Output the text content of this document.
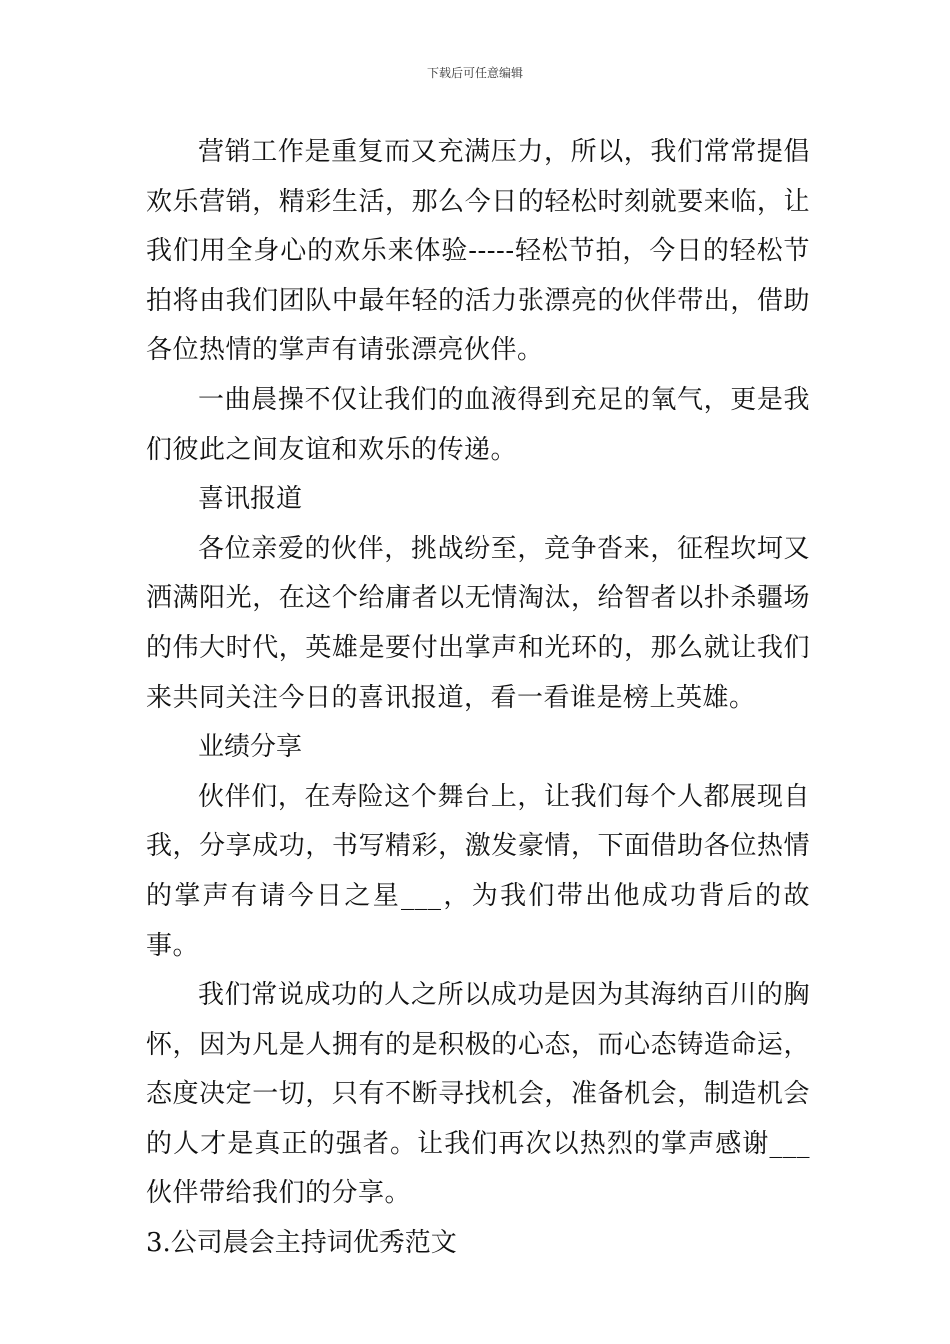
下载后可任意编辑

营销工作是重复而又充满压力，所以，我们常常提倡欢乐营销，精彩生活，那么今日的轻松时刻就要来临，让我们用全身心的欢乐来体验-----轻松节拍，今日的轻松节拍将由我们团队中最年轻的活力张漂亮的伙伴带出，借助各位热情的掌声有请张漂亮伙伴。

一曲晨操不仅让我们的血液得到充足的氧气，更是我们彼此之间友谊和欢乐的传递。

喜讯报道

各位亲爱的伙伴，挑战纷至，竞争沓来，征程坎坷又洒满阳光，在这个给庸者以无情淘汰，给智者以扑杀疆场的伟大时代，英雄是要付出掌声和光环的，那么就让我们来共同关注今日的喜讯报道，看一看谁是榜上英雄。

业绩分享

伙伴们，在寿险这个舞台上，让我们每个人都展现自我，分享成功，书写精彩，激发豪情，下面借助各位热情的掌声有请今日之星___，为我们带出他成功背后的故事。

我们常说成功的人之所以成功是因为其海纳百川的胸怀，因为凡是人拥有的是积极的心态，而心态铸造命运，态度决定一切，只有不断寻找机会，准备机会，制造机会的人才是真正的强者。让我们再次以热烈的掌声感谢___伙伴带给我们的分享。

3.公司晨会主持词优秀范文
